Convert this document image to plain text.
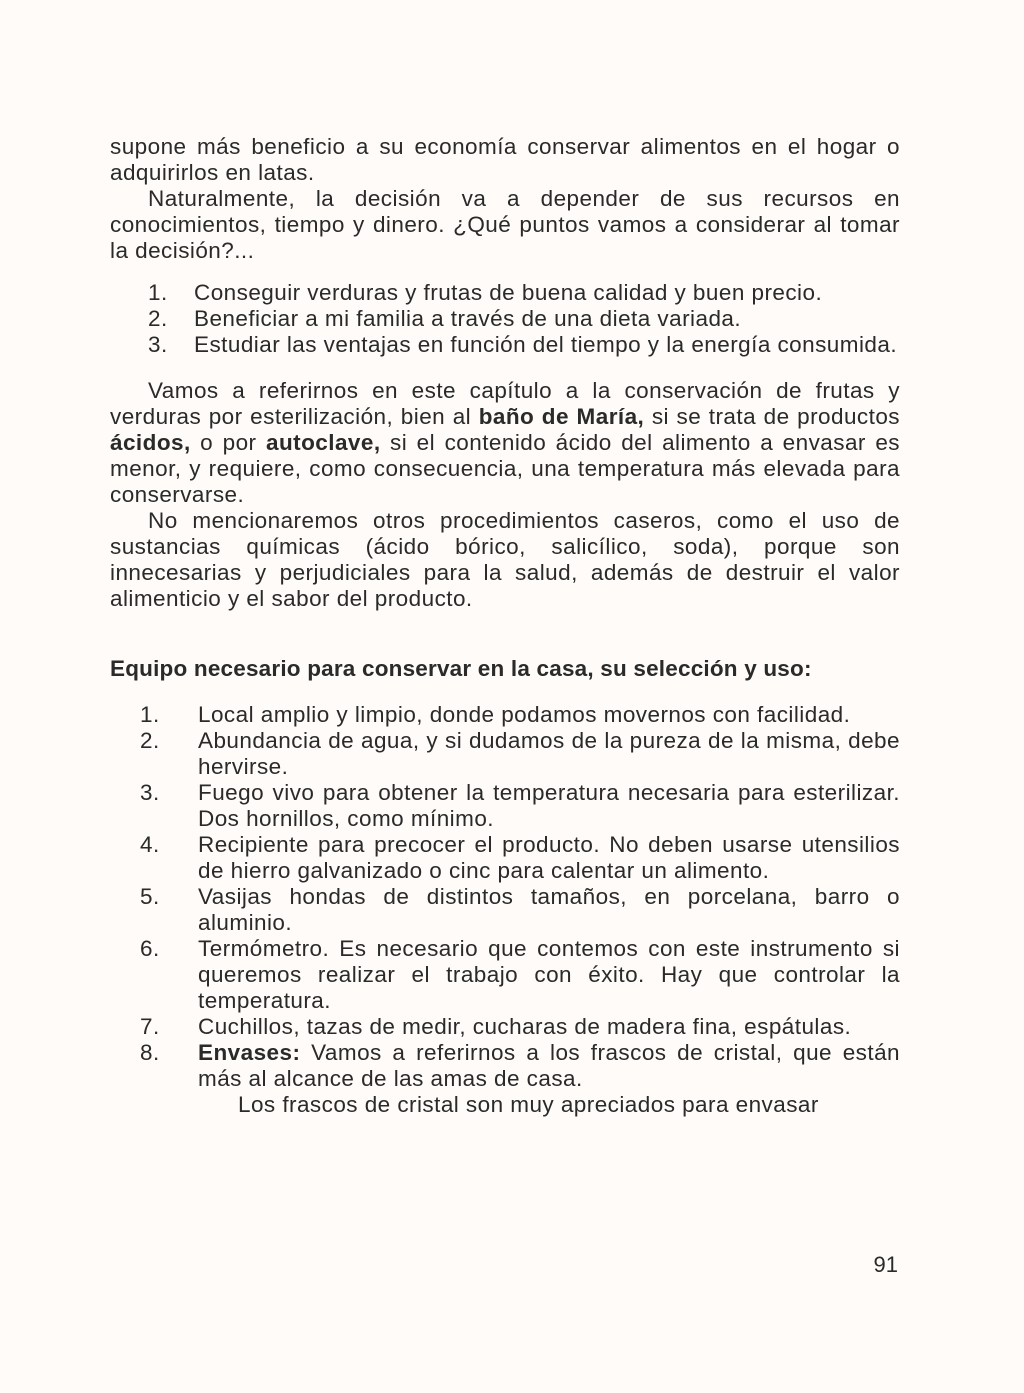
supone más beneficio a su economía conservar alimentos en el hogar o adquirirlos en latas.

Naturalmente, la decisión va a depender de sus recursos en conocimientos, tiempo y dinero. ¿Qué puntos vamos a considerar al tomar la decisión?...

1.	Conseguir verduras y frutas de buena calidad y buen precio.
2.	Beneficiar a mi familia a través de una dieta variada.
3.	Estudiar las ventajas en función del tiempo y la energía consumida.

Vamos a referirnos en este capítulo a la conservación de frutas y verduras por esterilización, bien al baño de María, si se trata de productos ácidos, o por autoclave, si el contenido ácido del alimento a envasar es menor, y requiere, como consecuencia, una temperatura más elevada para conservarse.

No mencionaremos otros procedimientos caseros, como el uso de sustancias químicas (ácido bórico, salicílico, soda), porque son innecesarias y perjudiciales para la salud, además de destruir el valor alimenticio y el sabor del producto.

Equipo necesario para conservar en la casa, su selección y uso:

1.	Local amplio y limpio, donde podamos movernos con facilidad.
2.	Abundancia de agua, y si dudamos de la pureza de la misma, debe hervirse.
3.	Fuego vivo para obtener la temperatura necesaria para esterilizar. Dos hornillos, como mínimo.
4.	Recipiente para precocer el producto. No deben usarse utensilios de hierro galvanizado o cinc para calentar un alimento.
5.	Vasijas hondas de distintos tamaños, en porcelana, barro o aluminio.
6.	Termómetro. Es necesario que contemos con este instrumento si queremos realizar el trabajo con éxito. Hay que controlar la temperatura.
7.	Cuchillos, tazas de medir, cucharas de madera fina, espátulas.
8.	Envases: Vamos a referirnos a los frascos de cristal, que están más al alcance de las amas de casa.

Los frascos de cristal son muy apreciados para envasar

91
